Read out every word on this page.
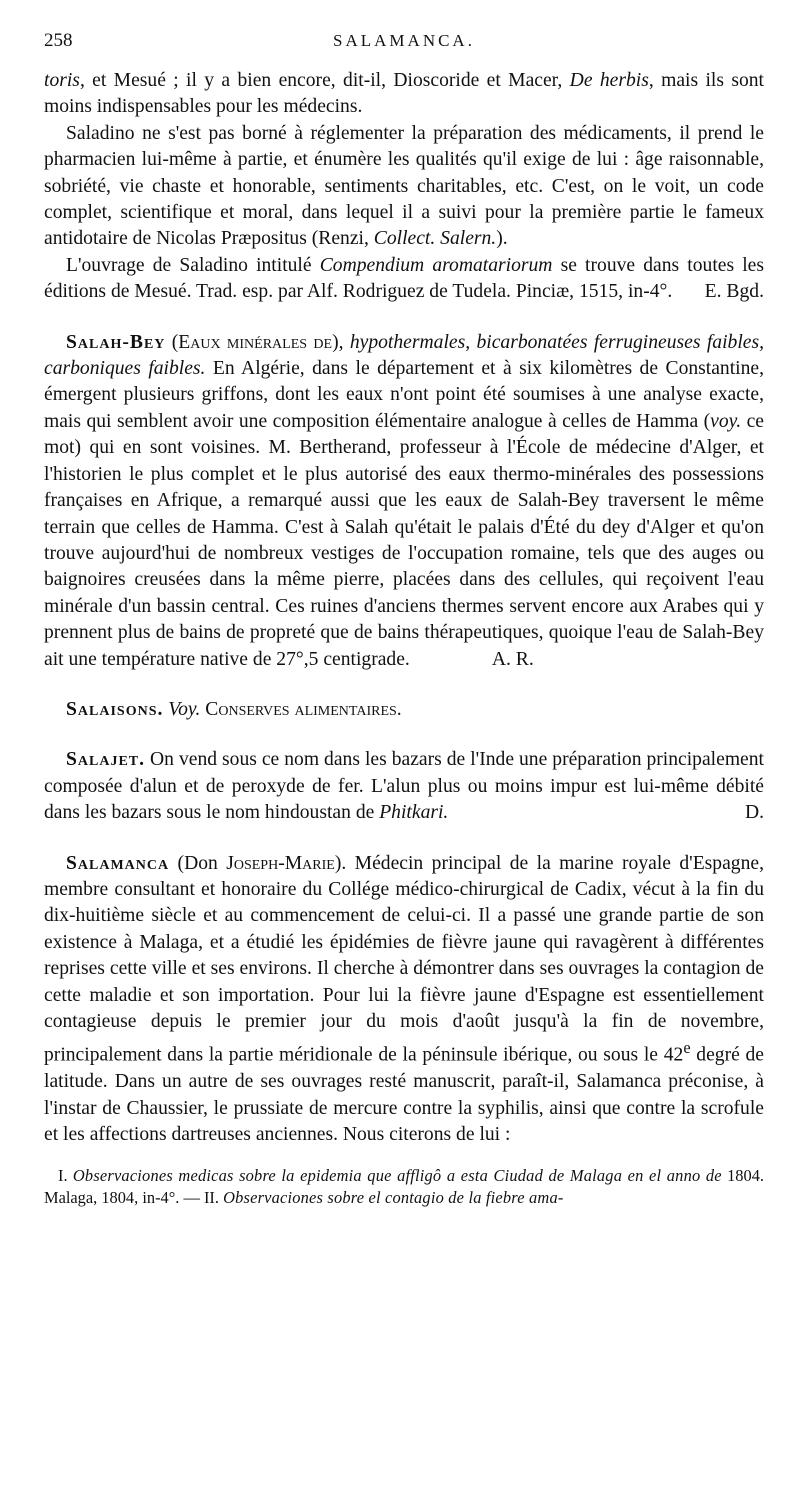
258	SALAMANCA.

toris, et Mesué ; il y a bien encore, dit-il, Dioscoride et Macer, De herbis, mais ils sont moins indispensables pour les médecins.

Saladino ne s'est pas borné à réglementer la préparation des médicaments, il prend le pharmacien lui-même à partie, et énumère les qualités qu'il exige de lui : âge raisonnable, sobriété, vie chaste et honorable, sentiments charitables, etc. C'est, on le voit, un code complet, scientifique et moral, dans lequel il a suivi pour la première partie le fameux antidotaire de Nicolas Præpositus (Renzi, Collect. Salern.).

L'ouvrage de Saladino intitulé Compendium aromatariorum se trouve dans toutes les éditions de Mesué. Trad. esp. par Alf. Rodriguez de Tudela. Pinciæ, 1515, in-4°.	E. Bgd.

Salah-Bey (Eaux minérales de), hypothermales, bicarbonatées ferrugineuses faibles, carboniques faibles. En Algérie, dans le département et à six kilomètres de Constantine, émergent plusieurs griffons, dont les eaux n'ont point été soumises à une analyse exacte, mais qui semblent avoir une composition élémentaire analogue à celles de Hamma (voy. ce mot) qui en sont voisines. M. Bertherand, professeur à l'École de médecine d'Alger, et l'historien le plus complet et le plus autorisé des eaux thermo-minérales des possessions françaises en Afrique, a remarqué aussi que les eaux de Salah-Bey traversent le même terrain que celles de Hamma. C'est à Salah qu'était le palais d'Été du dey d'Alger et qu'on trouve aujourd'hui de nombreux vestiges de l'occupation romaine, tels que des auges ou baignoires creusées dans la même pierre, placées dans des cellules, qui reçoivent l'eau minérale d'un bassin central. Ces ruines d'anciens thermes servent encore aux Arabes qui y prennent plus de bains de propreté que de bains thérapeutiques, quoique l'eau de Salah-Bey ait une température native de 27°,5 centigrade.	A. R.

Salaisons. Voy. Conserves alimentaires.

Salajet. On vend sous ce nom dans les bazars de l'Inde une préparation principalement composée d'alun et de peroxyde de fer. L'alun plus ou moins impur est lui-même débité dans les bazars sous le nom hindoustan de Phitkari.	D.

Salamanca (Don Joseph-Marie). Médecin principal de la marine royale d'Espagne, membre consultant et honoraire du Collége médico-chirurgical de Cadix, vécut à la fin du dix-huitième siècle et au commencement de celui-ci. Il a passé une grande partie de son existence à Malaga, et a étudié les épidémies de fièvre jaune qui ravagèrent à différentes reprises cette ville et ses environs. Il cherche à démontrer dans ses ouvrages la contagion de cette maladie et son importation. Pour lui la fièvre jaune d'Espagne est essentiellement contagieuse depuis le premier jour du mois d'août jusqu'à la fin de novembre, principalement dans la partie méridionale de la péninsule ibérique, ou sous le 42e degré de latitude. Dans un autre de ses ouvrages resté manuscrit, paraît-il, Salamanca préconise, à l'instar de Chaussier, le prussiate de mercure contre la syphilis, ainsi que contre la scrofule et les affections dartreuses anciennes. Nous citerons de lui :

I. Observaciones medicas sobre la epidemia que affligô a esta Ciudad de Malaga en el anno de 1804. Malaga, 1804, in-4°. — II. Observaciones sobre el contagio de la fiebre ama-
